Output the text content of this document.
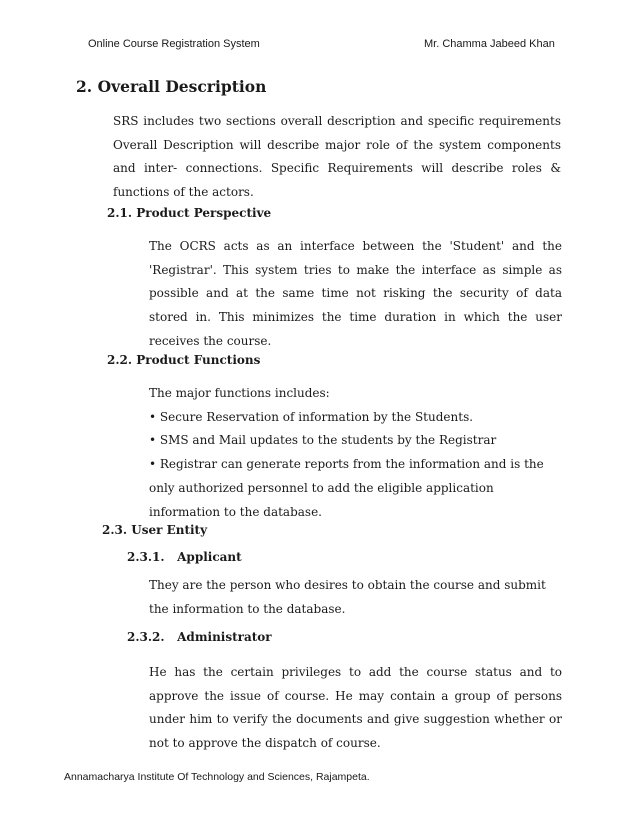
Online Course Registration System	Mr. Chamma Jabeed Khan
2. Overall Description
SRS includes two sections overall description and specific requirements
Overall Description will describe major role of the system components
and inter- connections. Specific Requirements will describe roles &
functions of the actors.
2.1. Product Perspective
The OCRS acts as an interface between the 'Student' and the
'Registrar'. This system tries to make the interface as simple as
possible and at the same time not risking the security of data
stored in. This minimizes the time duration in which the user
receives the course.
2.2. Product Functions
The major functions includes:
• Secure Reservation of information by the Students.
• SMS and Mail updates to the students by the Registrar
• Registrar can generate reports from the information and is the
only authorized personnel to add the eligible application
information to the database.
2.3. User Entity
2.3.1.   Applicant
They are the person who desires to obtain the course and submit
the information to the database.
2.3.2.   Administrator
He has the certain privileges to add the course status and to
approve the issue of course. He may contain a group of persons
under him to verify the documents and give suggestion whether or
not to approve the dispatch of course.
Annamacharya Institute Of Technology and Sciences, Rajampeta.
